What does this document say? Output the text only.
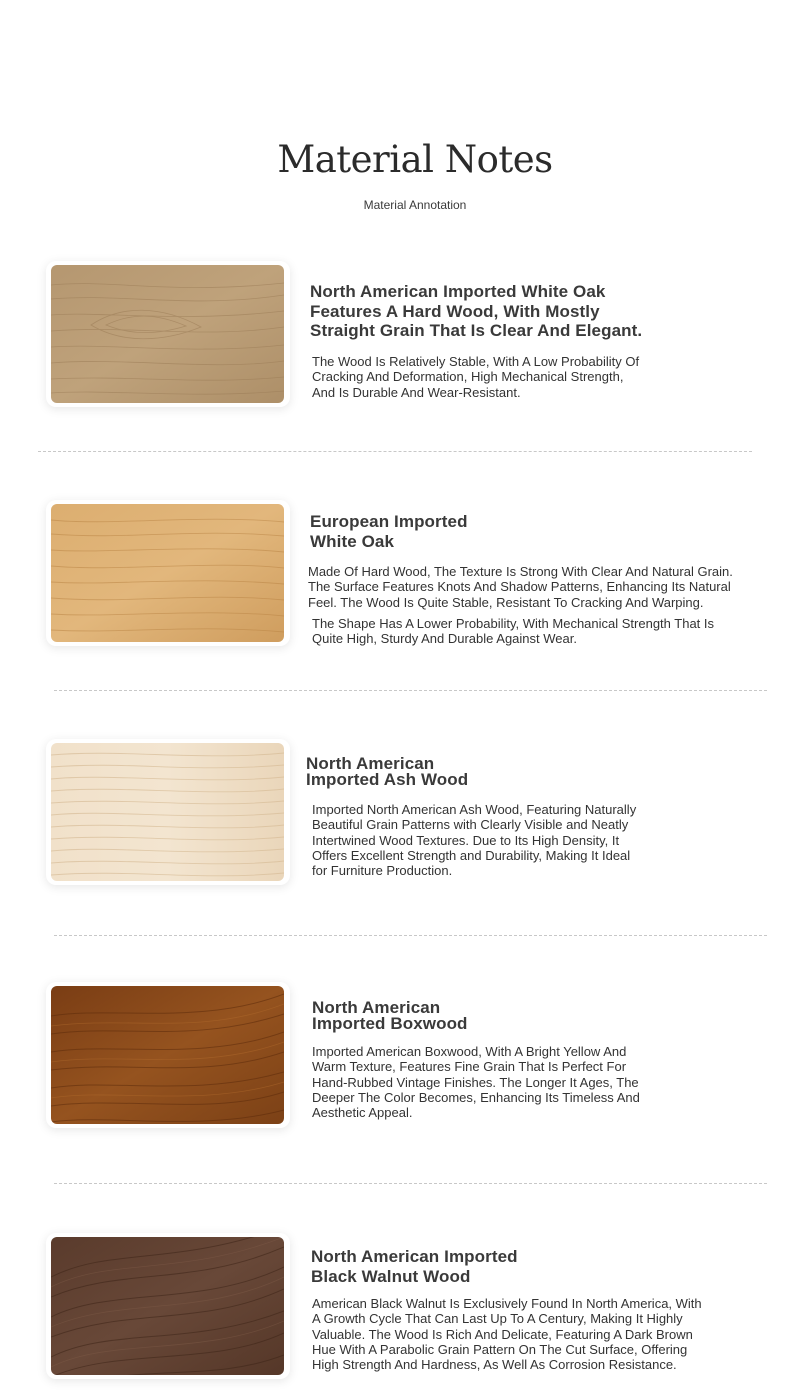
Material Notes

Material Annotation

North American Imported White Oak
Features A Hard Wood, With Mostly
Straight Grain That Is Clear And Elegant.

The Wood Is Relatively Stable, With A Low Probability Of
Cracking And Deformation, High Mechanical Strength,
And Is Durable And Wear-Resistant.

European Imported
White Oak

Made Of Hard Wood, The Texture Is Strong With Clear And Natural Grain.
The Surface Features Knots And Shadow Patterns, Enhancing Its Natural
Feel. The Wood Is Quite Stable, Resistant To Cracking And Warping.

The Shape Has A Lower Probability, With Mechanical Strength That Is
Quite High, Sturdy And Durable Against Wear.

North American
Imported Ash Wood

Imported North American Ash Wood, Featuring Naturally
Beautiful Grain Patterns with Clearly Visible and Neatly
Intertwined Wood Textures. Due to Its High Density, It
Offers Excellent Strength and Durability, Making It Ideal
for Furniture Production.

North American
Imported Boxwood

Imported American Boxwood, With A Bright Yellow And
Warm Texture, Features Fine Grain That Is Perfect For
Hand-Rubbed Vintage Finishes. The Longer It Ages, The
Deeper The Color Becomes, Enhancing Its Timeless And
Aesthetic Appeal.

North American Imported
Black Walnut Wood

American Black Walnut Is Exclusively Found In North America, With
A Growth Cycle That Can Last Up To A Century, Making It Highly
Valuable. The Wood Is Rich And Delicate, Featuring A Dark Brown
Hue With A Parabolic Grain Pattern On The Cut Surface, Offering
High Strength And Hardness, As Well As Corrosion Resistance.
